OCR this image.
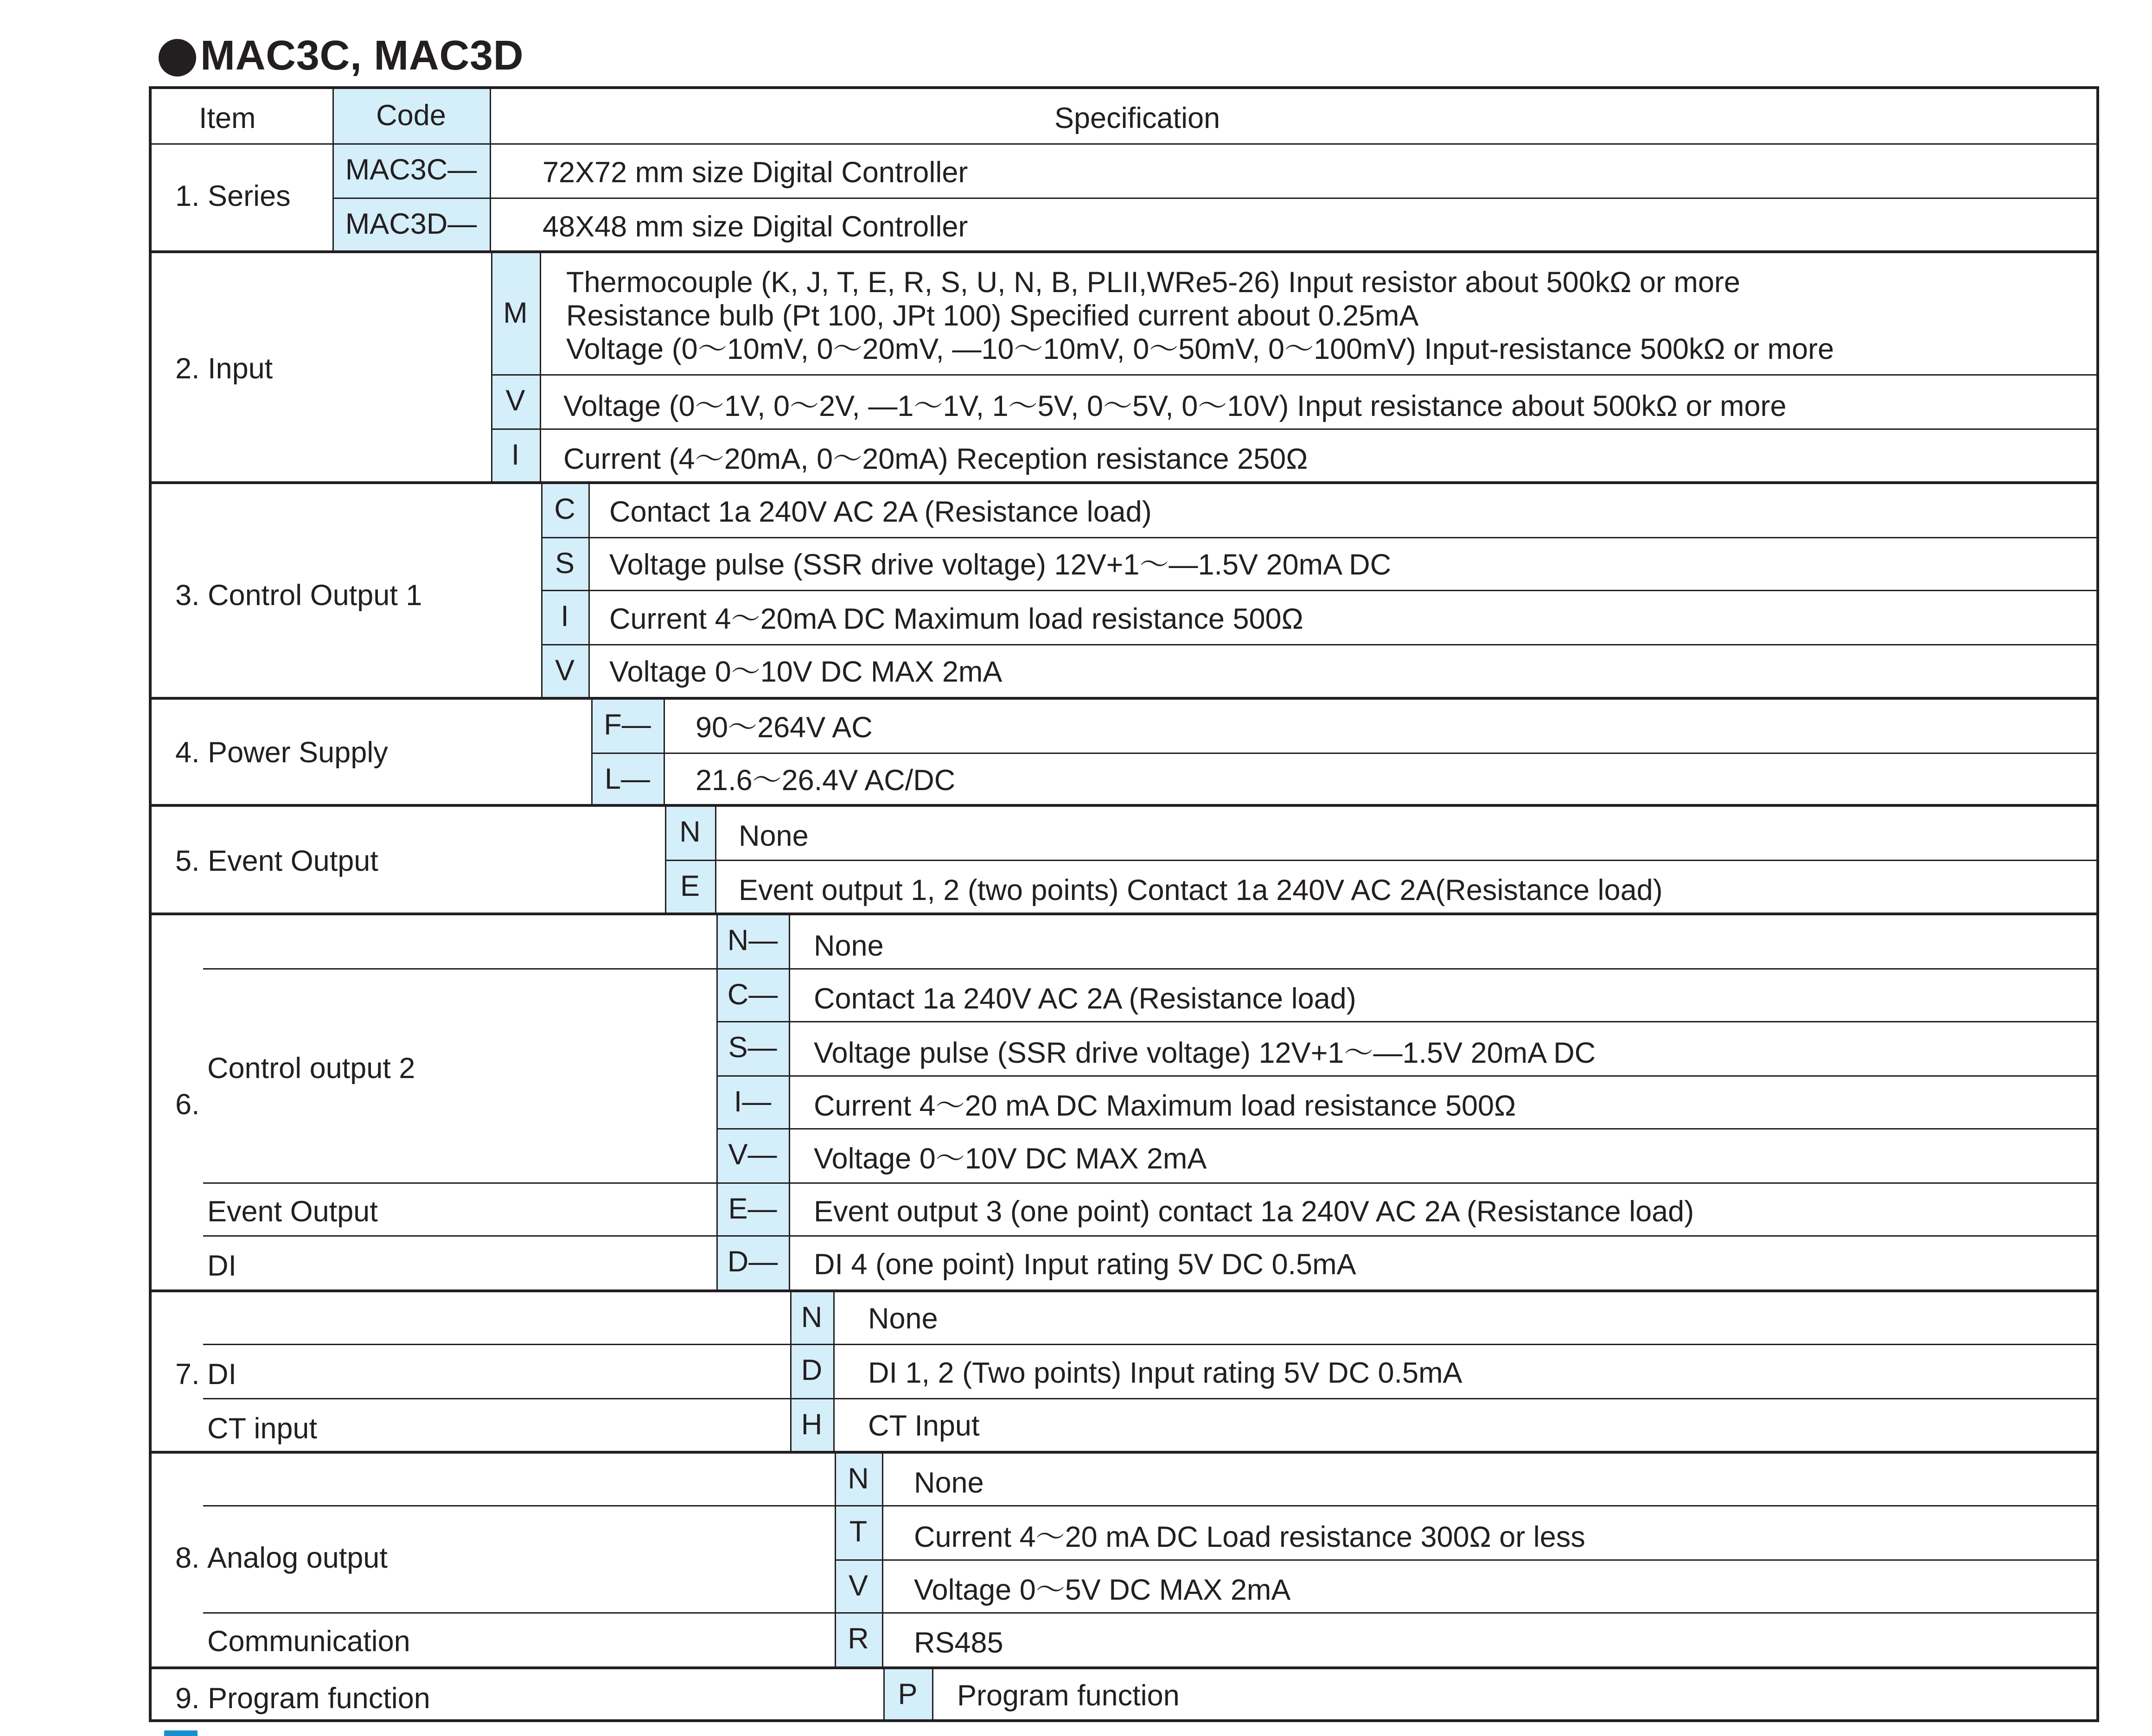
MAC3C, MAC3D
Code
Item	Specification
MAC3C—
MAC3D—
1. Series
72X72 mm size Digital Controller
48X48 mm size Digital Controller
M
V
I
2. Input
Thermocouple (K, J, T, E, R, S, U, N, B, PLII,WRe5-26) Input resistor about 500kΩ or more
Resistance bulb (Pt 100, JPt 100) Specified current about 0.25mA
Voltage (0～10mV, 0～20mV, —10～10mV, 0～50mV, 0～100mV) Input-resistance 500kΩ or more
Voltage (0～1V, 0～2V, —1～1V, 1～5V, 0～5V, 0～10V) Input resistance about 500kΩ or more
Current (4～20mA, 0～20mA) Reception resistance 250Ω
C
S
I
V
3. Control Output 1
Contact 1a 240V AC 2A (Resistance load)
Voltage pulse (SSR drive voltage) 12V+1～—1.5V 20mA DC
Current 4～20mA DC Maximum load resistance 500Ω
Voltage 0～10V DC MAX 2mA
F—
L—
4. Power Supply
90～264V AC
21.6～26.4V AC/DC
N
E
5. Event Output
None
Event output 1, 2 (two points) Contact 1a 240V AC 2A(Resistance load)
N—
C—
S—
I—
V—
E—
D—
6.
Control output 2
Event Output
DI
None
Contact 1a 240V AC 2A (Resistance load)
Voltage pulse (SSR drive voltage) 12V+1～—1.5V 20mA DC
Current 4～20 mA DC Maximum load resistance 500Ω
Voltage 0～10V DC MAX 2mA
Event output 3 (one point) contact 1a 240V AC 2A (Resistance load)
DI 4 (one point) Input rating 5V DC 0.5mA
N
D
H
7. DI
CT input
None
DI 1, 2 (Two points) Input rating 5V DC 0.5mA
CT Input
N
T
V
R
8. Analog output
Communication
None
Current 4～20 mA DC Load resistance 300Ω or less
Voltage 0～5V DC MAX 2mA
RS485
P
9. Program function	Program function
